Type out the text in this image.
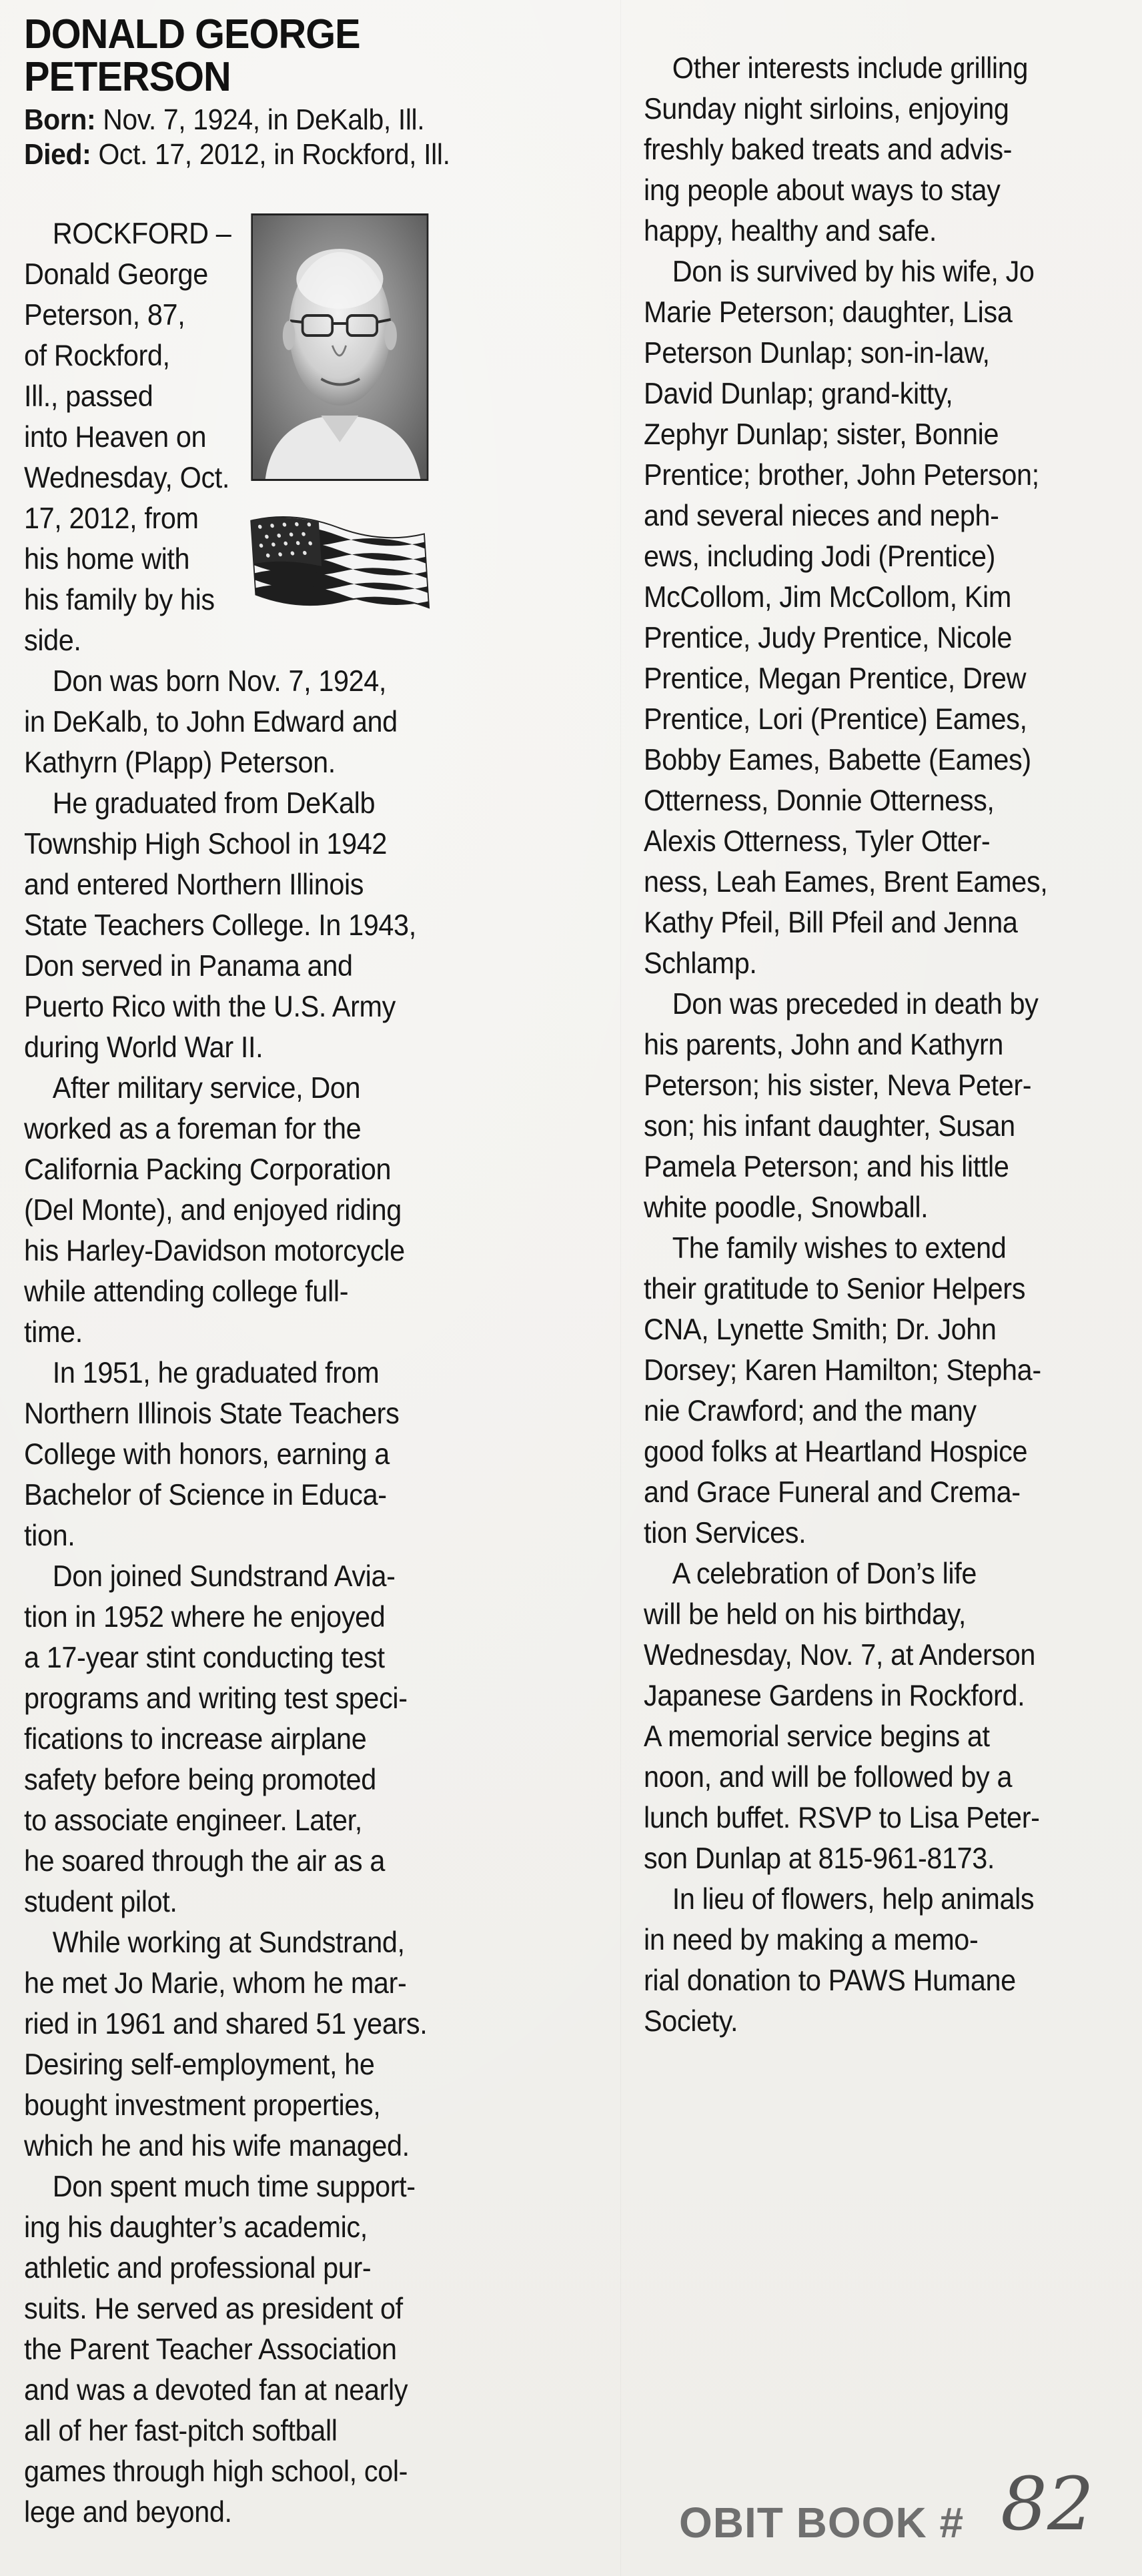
DONALD GEORGE
PETERSON

Born: Nov. 7, 1924, in DeKalb, Ill.

Died: Oct. 17, 2012, in Rockford, Ill.

ROCKFORD –
Donald George
Peterson, 87,
of Rockford,
Ill., passed
into Heaven on
Wednesday, Oct.
17, 2012, from
his home with
his family by his
side.
Don was born Nov. 7, 1924,
in DeKalb, to John Edward and
Kathyrn (Plapp) Peterson.
He graduated from DeKalb
Township High School in 1942
and entered Northern Illinois
State Teachers College. In 1943,
Don served in Panama and
Puerto Rico with the U.S. Army
during World War II.
After military service, Don
worked as a foreman for the
California Packing Corporation
(Del Monte), and enjoyed riding
his Harley-Davidson motorcycle
while attending college full-
time.
In 1951, he graduated from
Northern Illinois State Teachers
College with honors, earning a
Bachelor of Science in Educa-
tion.
Don joined Sundstrand Avia-
tion in 1952 where he enjoyed
a 17-year stint conducting test
programs and writing test speci-
fications to increase airplane
safety before being promoted
to associate engineer. Later,
he soared through the air as a
student pilot.
While working at Sundstrand,
he met Jo Marie, whom he mar-
ried in 1961 and shared 51 years.
Desiring self-employment, he
bought investment properties,
which he and his wife managed.
Don spent much time support-
ing his daughter’s academic,
athletic and professional pur-
suits. He served as president of
the Parent Teacher Association
and was a devoted fan at nearly
all of her fast-pitch softball
games through high school, col-
lege and beyond.
Other interests include grilling
Sunday night sirloins, enjoying
freshly baked treats and advis-
ing people about ways to stay
happy, healthy and safe.
Don is survived by his wife, Jo
Marie Peterson; daughter, Lisa
Peterson Dunlap; son-in-law,
David Dunlap; grand-kitty,
Zephyr Dunlap; sister, Bonnie
Prentice; brother, John Peterson;
and several nieces and neph-
ews, including Jodi (Prentice)
McCollom, Jim McCollom, Kim
Prentice, Judy Prentice, Nicole
Prentice, Megan Prentice, Drew
Prentice, Lori (Prentice) Eames,
Bobby Eames, Babette (Eames)
Otterness, Donnie Otterness,
Alexis Otterness, Tyler Otter-
ness, Leah Eames, Brent Eames,
Kathy Pfeil, Bill Pfeil and Jenna
Schlamp.
Don was preceded in death by
his parents, John and Kathyrn
Peterson; his sister, Neva Peter-
son; his infant daughter, Susan
Pamela Peterson; and his little
white poodle, Snowball.
The family wishes to extend
their gratitude to Senior Helpers
CNA, Lynette Smith; Dr. John
Dorsey; Karen Hamilton; Stepha-
nie Crawford; and the many
good folks at Heartland Hospice
and Grace Funeral and Crema-
tion Services.
A celebration of Don’s life
will be held on his birthday,
Wednesday, Nov. 7, at Anderson
Japanese Gardens in Rockford.
A memorial service begins at
noon, and will be followed by a
lunch buffet. RSVP to Lisa Peter-
son Dunlap at 815-961-8173.
In lieu of flowers, help animals
in need by making a memo-
rial donation to PAWS Humane
Society.
OBIT BOOK # 82
